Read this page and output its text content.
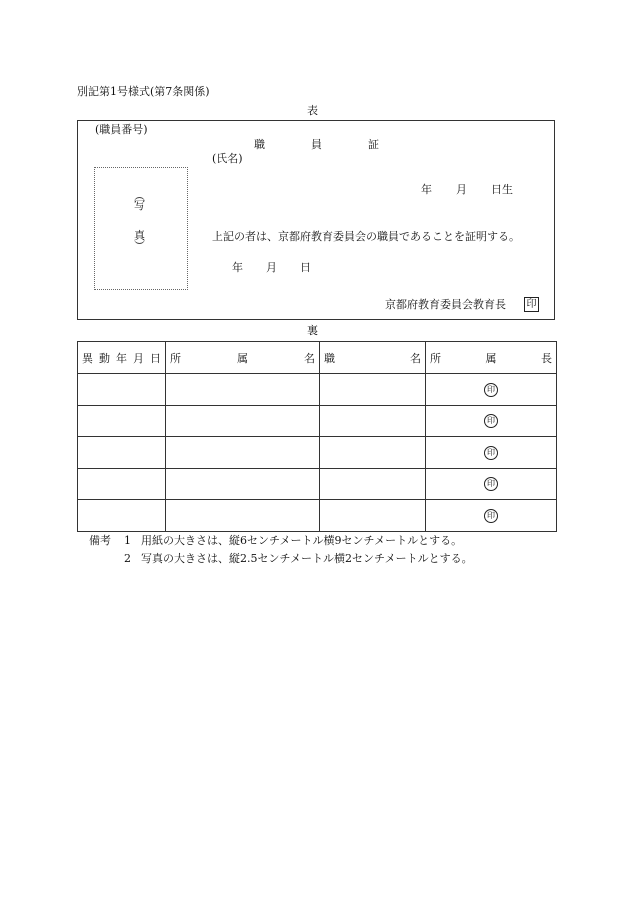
別記第1号様式(第7条関係)
表
(職員番号)
職	員	証
(氏名)
年 月 日生
写
真	上記の者は、京都府教育委員会の職員であることを証明する。
年 月 日
京都府教育委員会教育長 印
裏
異 動 年 月 日	所 属 名	職 名	所 属 長

			印
			印
			印
			印
			印
備考 1 用紙の大きさは、縦6センチメートル横9センチメートルとする。
2 写真の大きさは、縦2.5センチメートル横2センチメートルとする。
